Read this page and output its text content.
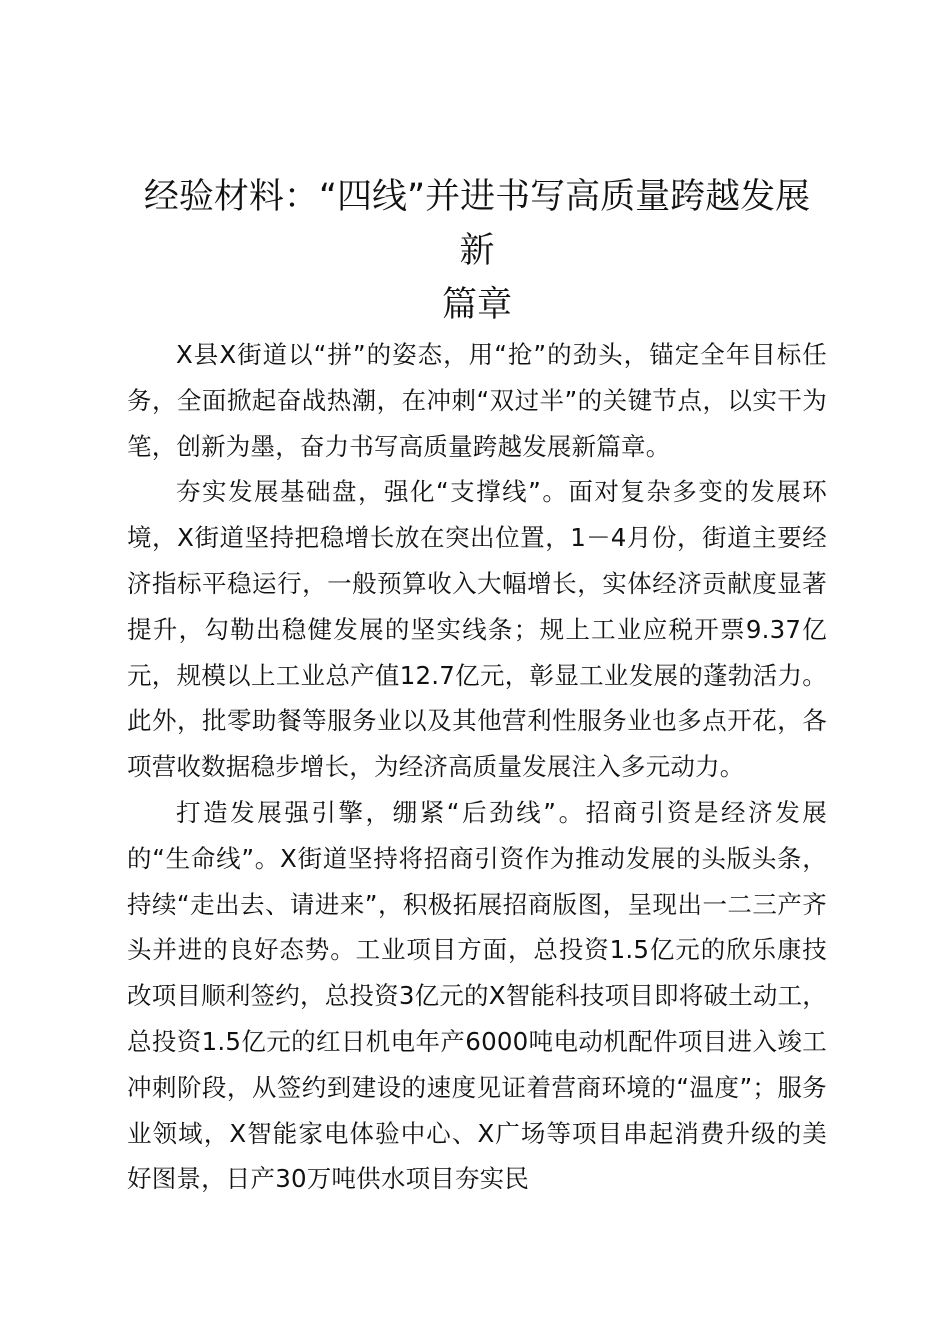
经验材料：“四线”并进书写高质量跨越发展新
篇章

X县X街道以“拼”的姿态，用“抢”的劲头，锚定全年目标任务，全面掀起奋战热潮，在冲刺“双过半”的关键节点，以实干为笔，创新为墨，奋力书写高质量跨越发展新篇章。

夯实发展基础盘，强化“支撑线”。面对复杂多变的发展环境，X街道坚持把稳增长放在突出位置，1－4月份，街道主要经济指标平稳运行，一般预算收入大幅增长，实体经济贡献度显著提升，勾勒出稳健发展的坚实线条；规上工业应税开票9.37亿元，规模以上工业总产值12.7亿元，彰显工业发展的蓬勃活力。此外，批零助餐等服务业以及其他营利性服务业也多点开花，各项营收数据稳步增长，为经济高质量发展注入多元动力。

打造发展强引擎，绷紧“后劲线”。招商引资是经济发展的“生命线”。X街道坚持将招商引资作为推动发展的头版头条，持续“走出去、请进来”，积极拓展招商版图，呈现出一二三产齐头并进的良好态势。工业项目方面，总投资1.5亿元的欣乐康技改项目顺利签约，总投资3亿元的X智能科技项目即将破土动工，总投资1.5亿元的红日机电年产6000吨电动机配件项目进入竣工冲刺阶段，从签约到建设的速度见证着营商环境的“温度”；服务业领域，X智能家电体验中心、X广场等项目串起消费升级的美好图景，日产30万吨供水项目夯实民
